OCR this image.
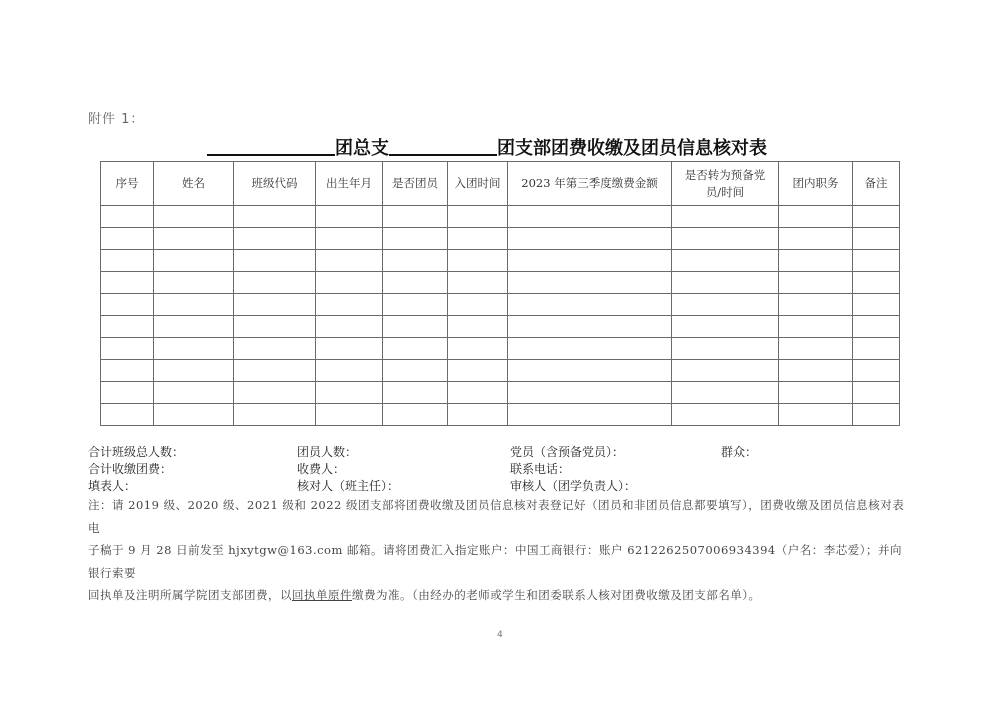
附件 1：
团总支	团支部团费收缴及团员信息核对表
序号	姓名	班级代码	出生年月	是否团员	入团时间	2023 年第三季度缴费金额	是否转为预备党
员/时间	团内职务	备注

合计班级总人数：	团员人数：	党员（含预备党员）：	群众：
合计收缴团费：	收费人：	联系电话：
填表人：	核对人（班主任）：	审核人（团学负责人）：
注：请 2019 级、2020 级、2021 级和 2022 级团支部将团费收缴及团员信息核对表登记好（团员和非团员信息都要填写），团费收缴及团员信息核对表电
子稿于 9 月 28 日前发至 hjxytgw@163.com 邮箱。请将团费汇入指定账户：中国工商银行：账户 6212262507006934394（户名：李芯爱）；并向银行索要
回执单及注明所属学院团支部团费，以回执单原件缴费为准。（由经办的老师或学生和团委联系人核对团费收缴及团支部名单）。
4
